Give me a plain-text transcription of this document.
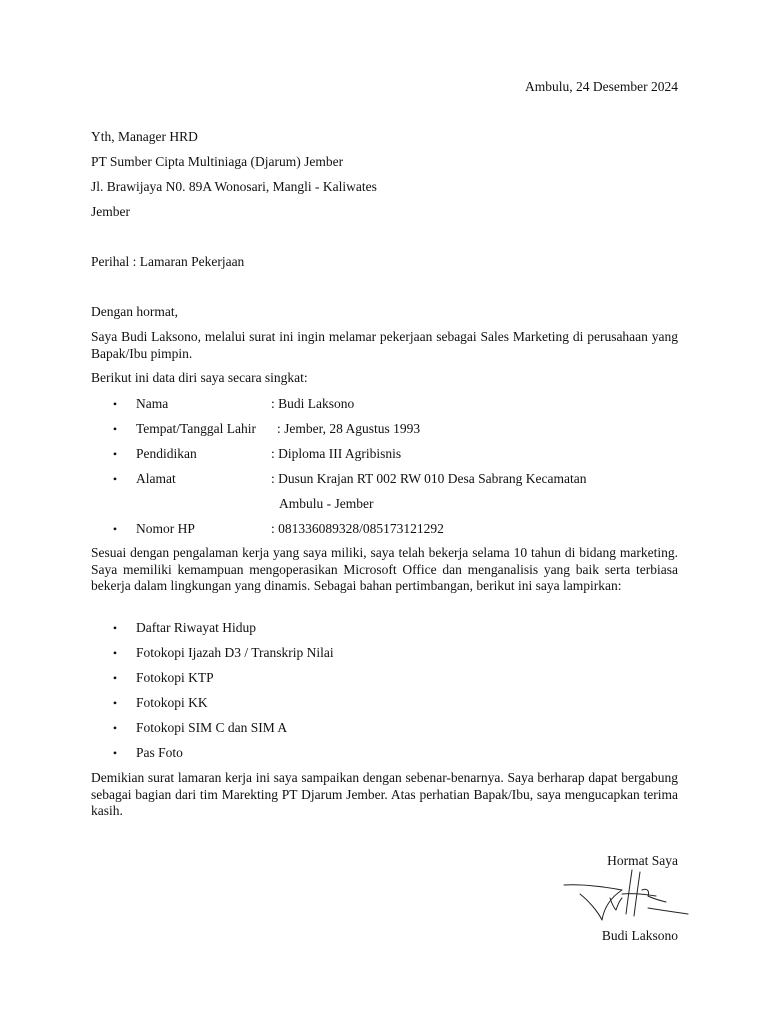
Ambulu, 24 Desember 2024
Yth, Manager HRD
PT Sumber Cipta Multiniaga (Djarum) Jember
Jl. Brawijaya N0. 89A Wonosari, Mangli - Kaliwates
Jember
Perihal : Lamaran Pekerjaan
Dengan hormat,
Saya Budi Laksono, melalui surat ini ingin melamar pekerjaan sebagai Sales Marketing di perusahaan yang Bapak/Ibu pimpin.
Berikut ini data diri saya secara singkat:
• Nama	: Budi Laksono
• Tempat/Tanggal Lahir : Jember, 28 Agustus 1993
• Pendidikan	: Diploma III Agribisnis
• Alamat	: Dusun Krajan RT 002 RW 010 Desa Sabrang Kecamatan
Ambulu - Jember
• Nomor HP	: 081336089328/085173121292
Sesuai dengan pengalaman kerja yang saya miliki, saya telah bekerja selama 10 tahun di bidang marketing. Saya memiliki kemampuan mengoperasikan Microsoft Office dan menganalisis yang baik serta terbiasa bekerja dalam lingkungan yang dinamis. Sebagai bahan pertimbangan, berikut ini saya lampirkan:
• Daftar Riwayat Hidup
• Fotokopi Ijazah D3 / Transkrip Nilai
• Fotokopi KTP
• Fotokopi KK
• Fotokopi SIM C dan SIM A
• Pas Foto
Demikian surat lamaran kerja ini saya sampaikan dengan sebenar-benarnya. Saya berharap dapat bergabung sebagai bagian dari tim Marekting PT Djarum Jember. Atas perhatian Bapak/Ibu, saya mengucapkan terima kasih.
Hormat Saya
Budi Laksono
